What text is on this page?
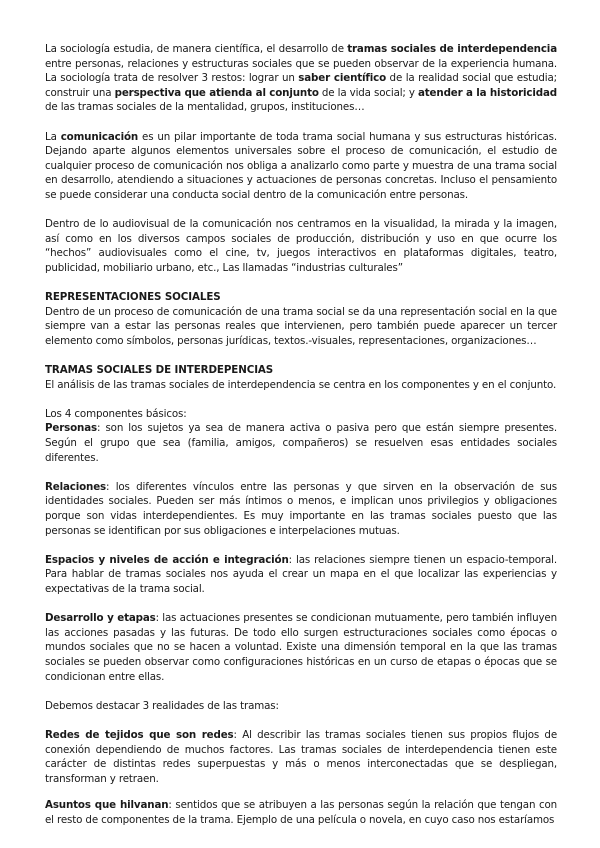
La sociología estudia, de manera científica, el desarrollo de tramas sociales de interdependencia entre personas, relaciones y estructuras sociales que se pueden observar de la experiencia humana. La sociología trata de resolver 3 restos: lograr un saber científico de la realidad social que estudia; construir una perspectiva que atienda al conjunto de la vida social; y atender a la historicidad de las tramas sociales de la mentalidad, grupos, instituciones…

La comunicación es un pilar importante de toda trama social humana y sus estructuras históricas. Dejando aparte algunos elementos universales sobre el proceso de comunicación, el estudio de cualquier proceso de comunicación nos obliga a analizarlo como parte y muestra de una trama social en desarrollo, atendiendo a situaciones y actuaciones de personas concretas. Incluso el pensamiento se puede considerar una conducta social dentro de la comunicación entre personas.

Dentro de lo audiovisual de la comunicación nos centramos en la visualidad, la mirada y la imagen, así como en los diversos campos sociales de producción, distribución y uso en que ocurre los “hechos” audiovisuales como el cine, tv, juegos interactivos en plataformas digitales, teatro, publicidad, mobiliario urbano, etc., Las llamadas “industrias culturales”

REPRESENTACIONES SOCIALES

Dentro de un proceso de comunicación de una trama social se da una representación social en la que siempre van a estar las personas reales que intervienen, pero también puede aparecer un tercer elemento como símbolos, personas jurídicas, textos.-visuales, representaciones, organizaciones…

TRAMAS SOCIALES DE INTERDEPENCIAS

El análisis de las tramas sociales de interdependencia se centra en los componentes y en el conjunto.

Los 4 componentes básicos:

Personas: son los sujetos ya sea de manera activa o pasiva pero que están siempre presentes. Según el grupo que sea (familia, amigos, compañeros) se resuelven esas entidades sociales diferentes.

Relaciones: los diferentes vínculos entre las personas y que sirven en la observación de sus identidades sociales. Pueden ser más íntimos o menos, e implican unos privilegios y obligaciones porque son vidas interdependientes. Es muy importante en las tramas sociales puesto que las personas se identifican por sus obligaciones e interpelaciones mutuas.

Espacios y niveles de acción e integración: las relaciones siempre tienen un espacio-temporal. Para hablar de tramas sociales nos ayuda el crear un mapa en el que localizar las experiencias y expectativas de la trama social.

Desarrollo y etapas: las actuaciones presentes se condicionan mutuamente, pero también influyen las acciones pasadas y las futuras. De todo ello surgen estructuraciones sociales como épocas o mundos sociales que no se hacen a voluntad. Existe una dimensión temporal en la que las tramas sociales se pueden observar como configuraciones históricas en un curso de etapas o épocas que se condicionan entre ellas.

Debemos destacar 3 realidades de las tramas:

Redes de tejidos que son redes: Al describir las tramas sociales tienen sus propios flujos de conexión dependiendo de muchos factores. Las tramas sociales de interdependencia tienen este carácter de distintas redes superpuestas y más o menos interconectadas que se despliegan, transforman y retraen.

Asuntos que hilvanan: sentidos que se atribuyen a las personas según la relación que tengan con el resto de componentes de la trama. Ejemplo de una película o novela, en cuyo caso nos estaríamos
